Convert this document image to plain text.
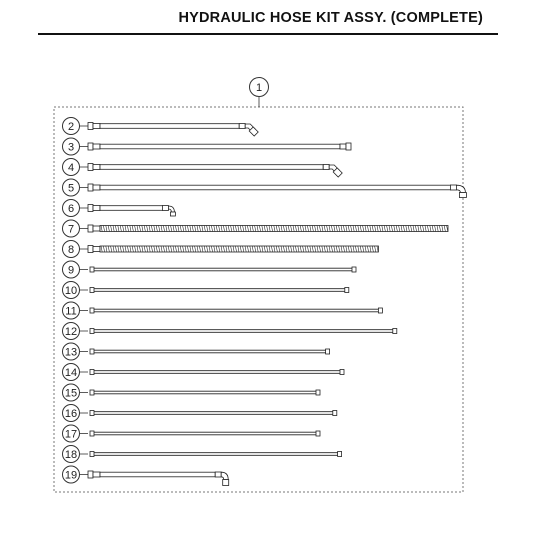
HYDRAULIC HOSE KIT ASSY. (COMPLETE)
1
2
3
4
5
6
7
8
9
10
11
12
13
14
15
16
17
18
19
